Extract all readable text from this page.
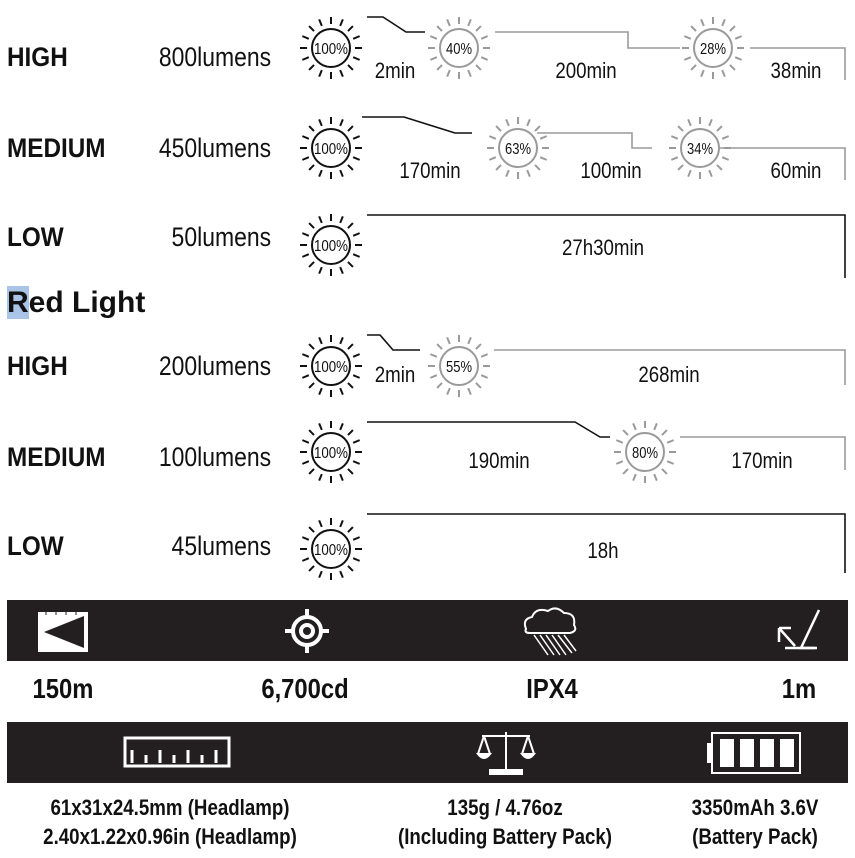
HIGH	800lumens
MEDIUM 450lumens
LOW	50lumens
Red Light
HIGH	200lumens
MEDIUM 100lumens
LOW	45lumens
100%	40%	28%
2min	200min	38min
100%	63%	34%
170min	100min	60min
100%	27h30min
100%	55%
2min	268min
100%	80%
190min	170min
100%	18h
150m	6,700cd	IPX4	1m
61x31x24.5mm (Headlamp)
2.40x1.22x0.96in (Headlamp)
135g / 4.76oz
(Including Battery Pack)
3350mAh 3.6V
(Battery Pack)
